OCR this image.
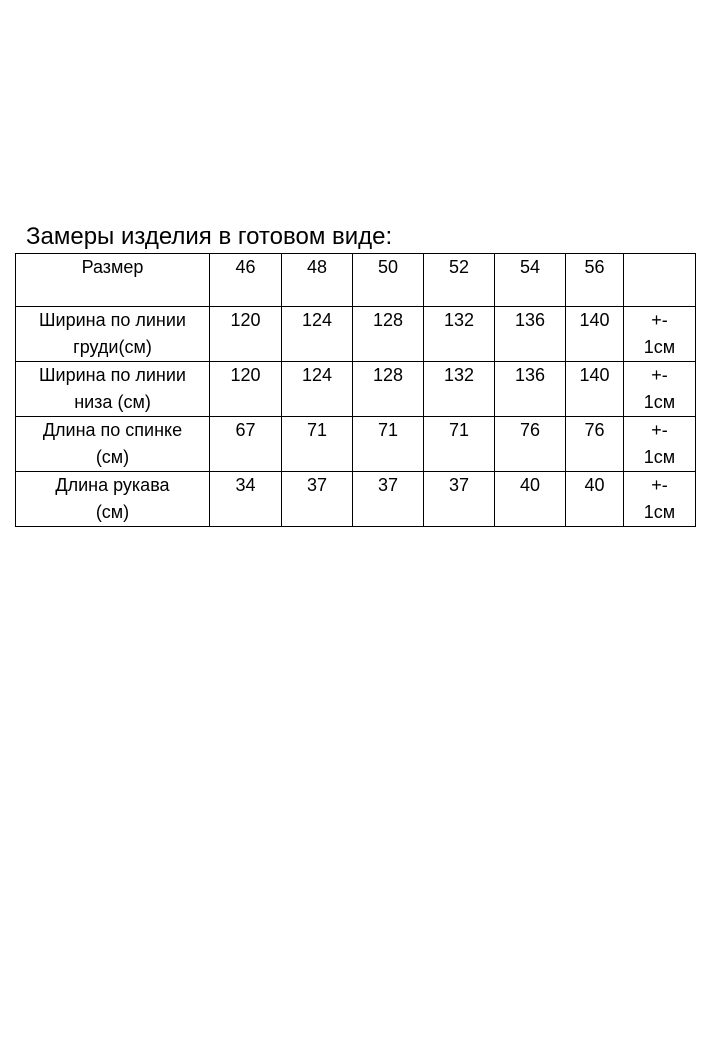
Замеры изделия в готовом виде:
Размер	46	48	50	52	54	56	

Ширина по линии
груди(см)	120	124	128	132	136	140	+-
1см

Ширина по линии
низа (см)	120	124	128	132	136	140	+-
1см

Длина по спинке
(см)	67	71	71	71	76	76	+-
1см

Длина рукава
(см)	34	37	37	37	40	40	+-
1см
